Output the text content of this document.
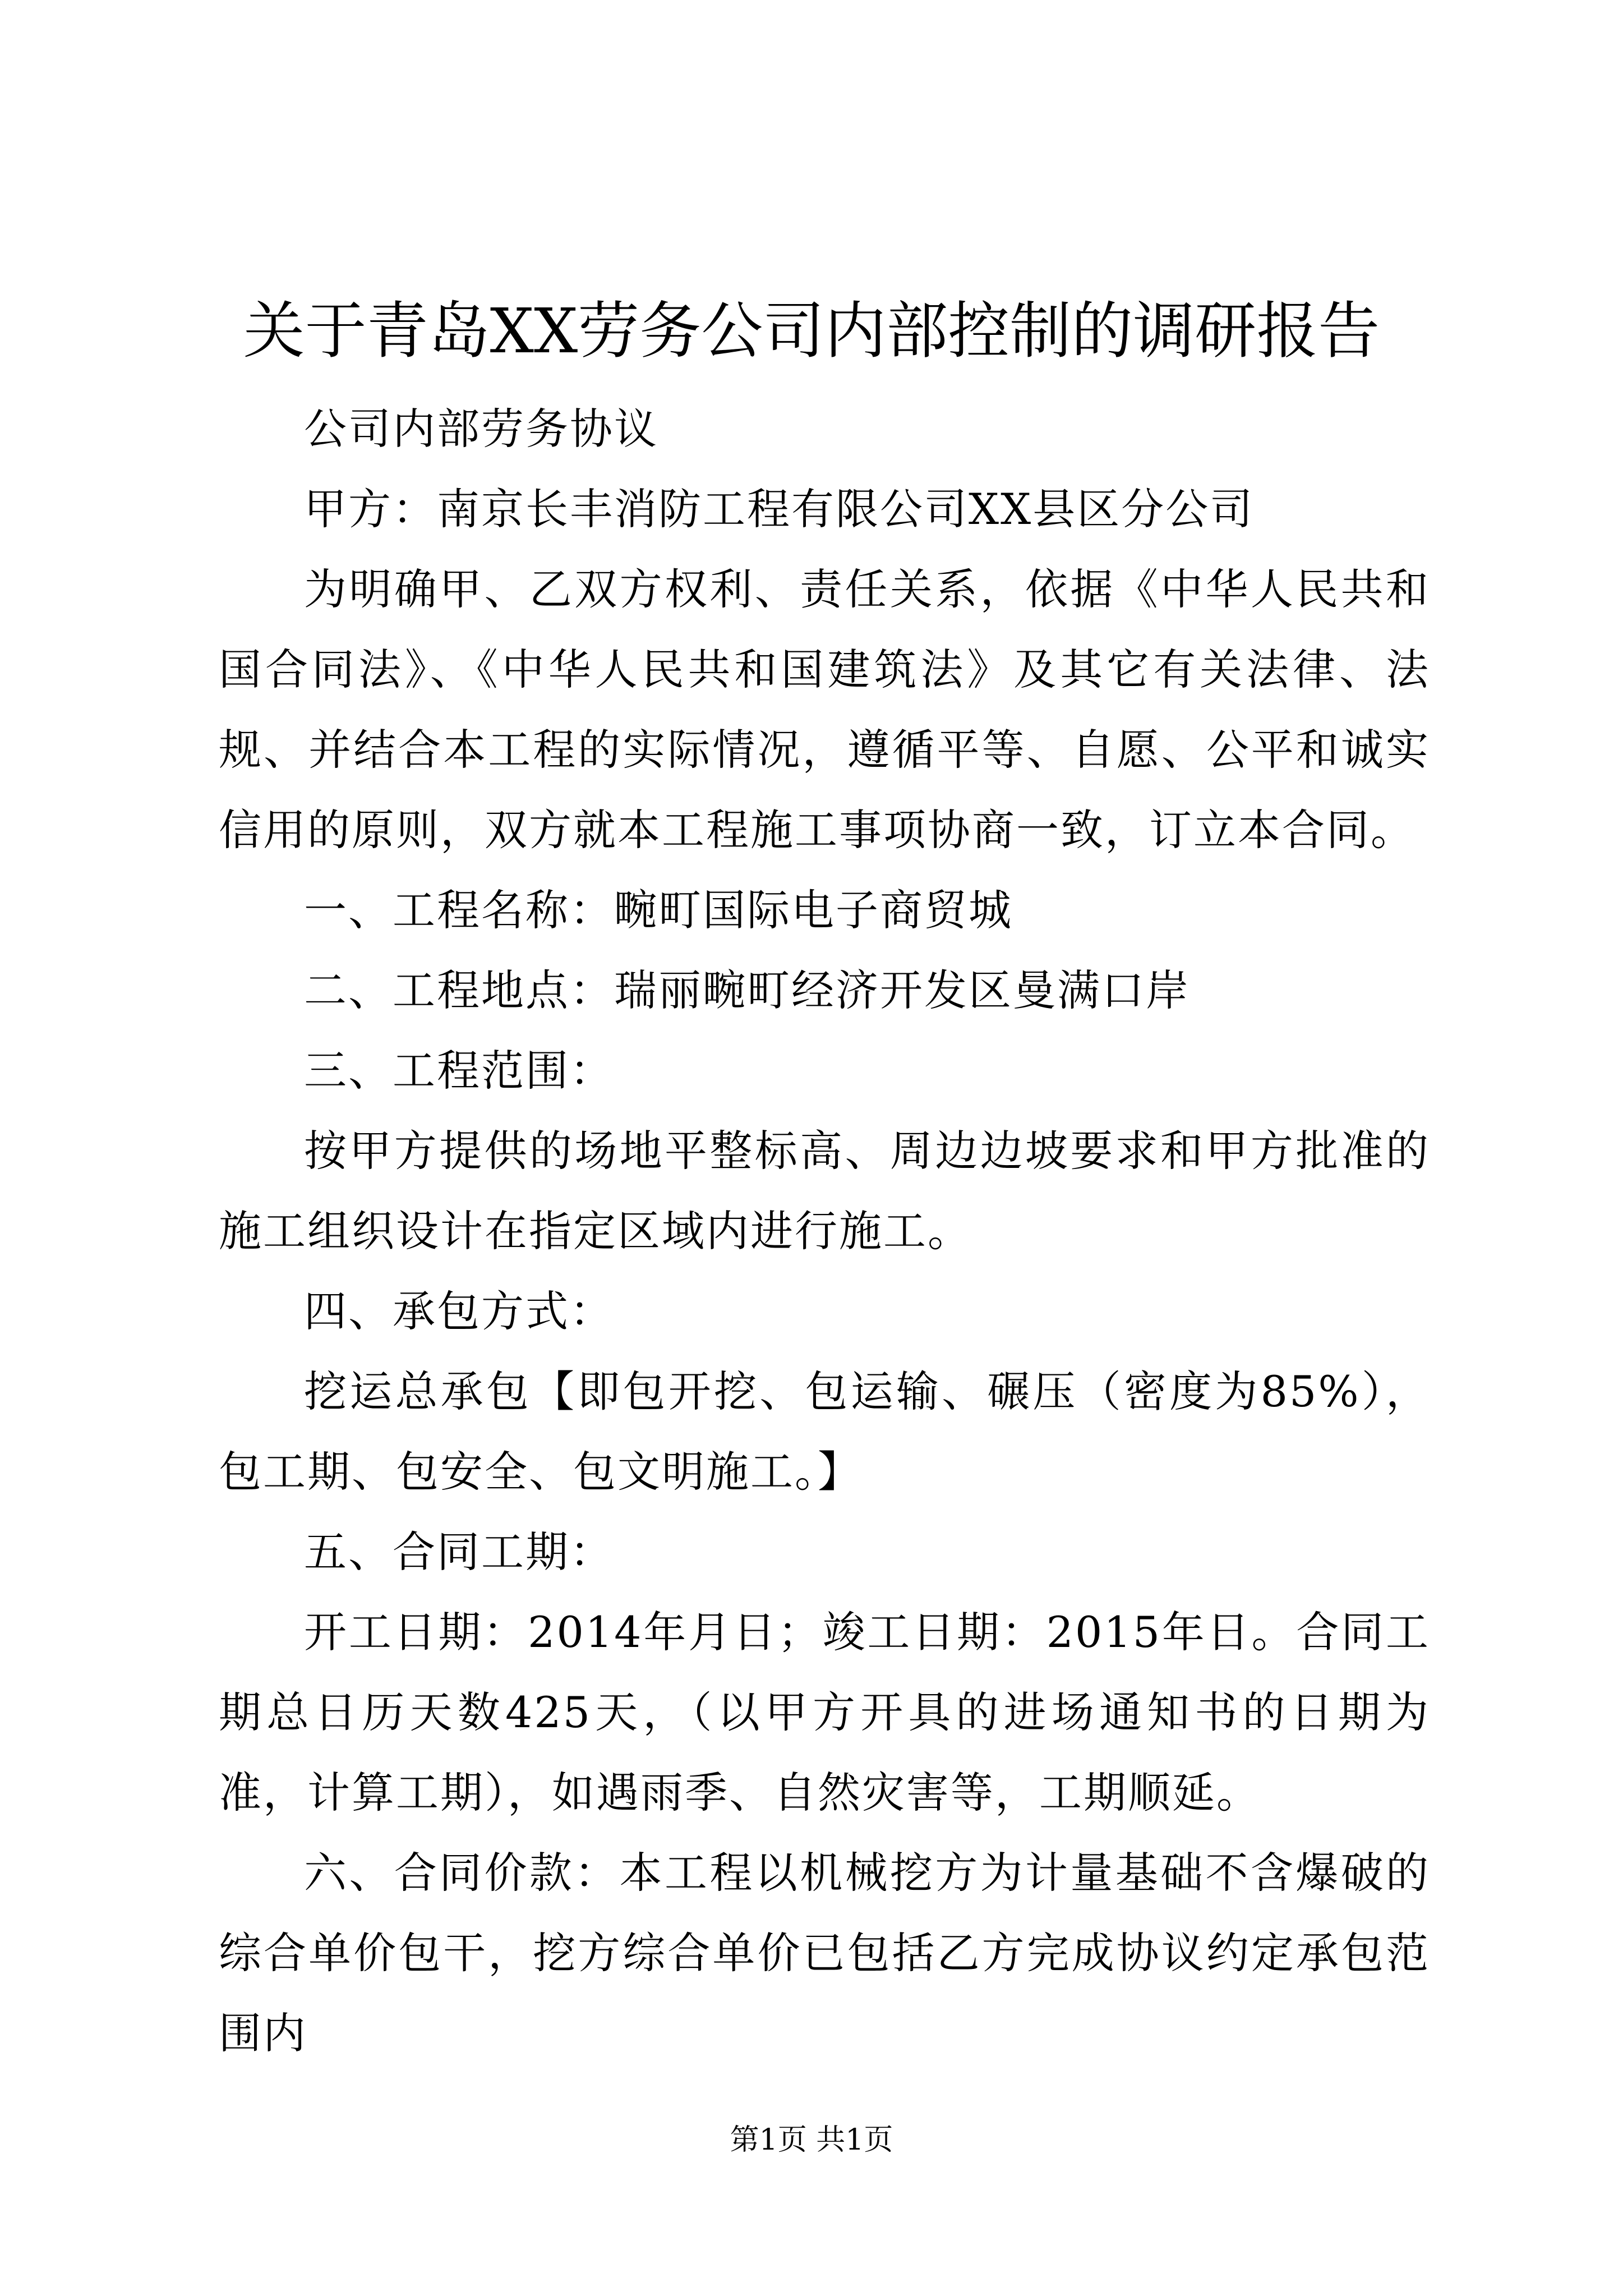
关于青岛XX劳务公司内部控制的调研报告

公司内部劳务协议

甲方：南京长丰消防工程有限公司XX县区分公司

为明确甲、乙双方权利、责任关系，依据《中华人民共和国合同法》、《中华人民共和国建筑法》及其它有关法律、法规、并结合本工程的实际情况，遵循平等、自愿、公平和诚实信用的原则，双方就本工程施工事项协商一致，订立本合同。

一、工程名称：畹町国际电子商贸城

二、工程地点：瑞丽畹町经济开发区曼满口岸

三、工程范围：

按甲方提供的场地平整标高、周边边坡要求和甲方批准的施工组织设计在指定区域内进行施工。

四、承包方式：

挖运总承包【即包开挖、包运输、碾压（密度为85%），包工期、包安全、包文明施工。】

五、合同工期：

开工日期：2014年月日；竣工日期：2015年日。合同工期总日历天数425天，（以甲方开具的进场通知书的日期为准，计算工期），如遇雨季、自然灾害等，工期顺延。

六、合同价款：本工程以机械挖方为计量基础不含爆破的综合单价包干，挖方综合单价已包括乙方完成协议约定承包范围内

第1页 共1页
